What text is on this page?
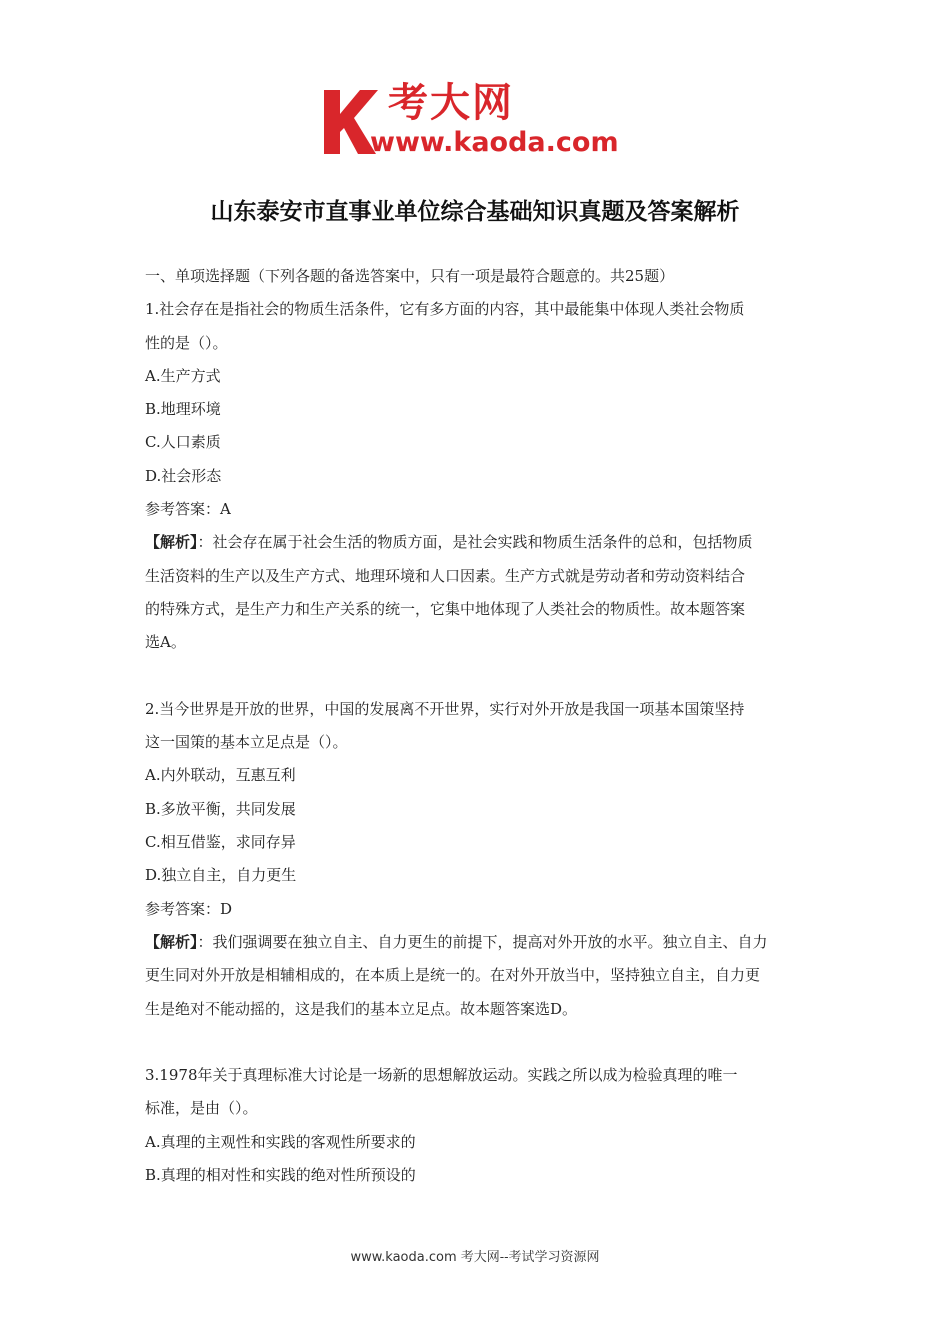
考大网
www.kaoda.com
山东泰安市直事业单位综合基础知识真题及答案解析
一、单项选择题（下列各题的备选答案中，只有一项是最符合题意的。共25题）
1.社会存在是指社会的物质生活条件，它有多方面的内容，其中最能集中体现人类社会物质
性的是（）。
A.生产方式
B.地理环境
C.人口素质
D.社会形态
参考答案：A
【解析】：社会存在属于社会生活的物质方面，是社会实践和物质生活条件的总和，包括物质
生活资料的生产以及生产方式、地理环境和人口因素。生产方式就是劳动者和劳动资料结合
的特殊方式，是生产力和生产关系的统一，它集中地体现了人类社会的物质性。故本题答案
选A。
2.当今世界是开放的世界，中国的发展离不开世界，实行对外开放是我国一项基本国策坚持
这一国策的基本立足点是（）。
A.内外联动，互惠互利
B.多放平衡，共同发展
C.相互借鉴，求同存异
D.独立自主，自力更生
参考答案：D
【解析】：我们强调要在独立自主、自力更生的前提下，提高对外开放的水平。独立自主、自力
更生同对外开放是相辅相成的，在本质上是统一的。在对外开放当中，坚持独立自主，自力更
生是绝对不能动摇的，这是我们的基本立足点。故本题答案选D。
3.1978年关于真理标准大讨论是一场新的思想解放运动。实践之所以成为检验真理的唯一
标准，是由（）。
A.真理的主观性和实践的客观性所要求的
B.真理的相对性和实践的绝对性所预设的
www.kaoda.com 考大网--考试学习资源网
